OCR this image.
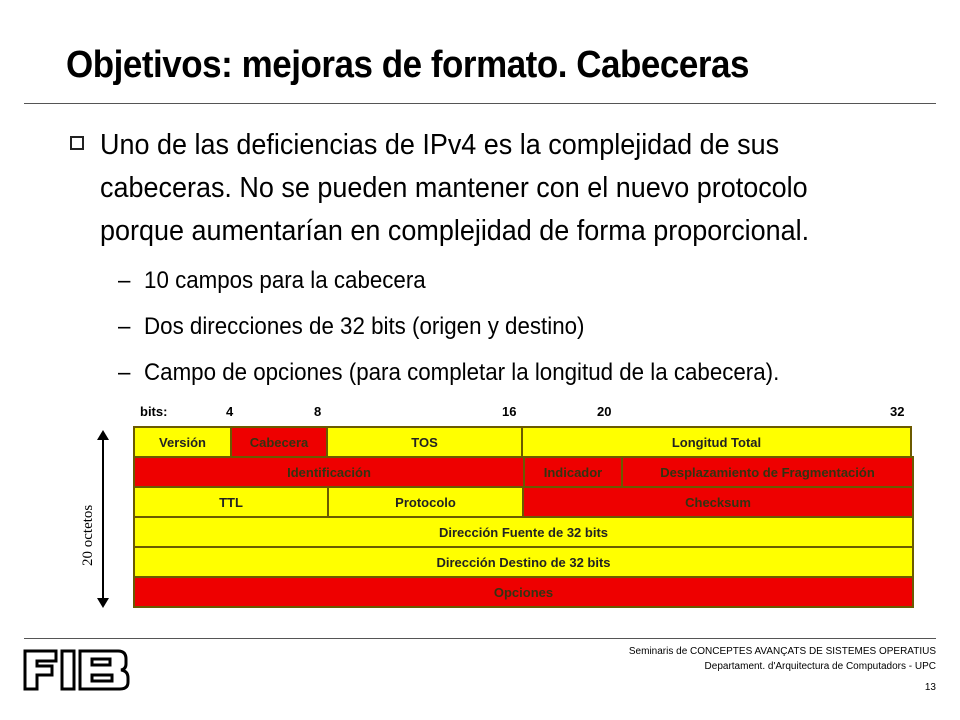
Objetivos: mejoras de formato. Cabeceras
Uno de las deficiencias de IPv4 es la complejidad de sus cabeceras. No se pueden mantener con el nuevo protocolo porque aumentarían en complejidad de forma proporcional.
– 10 campos para la cabecera
– Dos direcciones de 32 bits (origen y destino)
– Campo de opciones (para completar la longitud de la cabecera).
bits:	4	8	16	20	32
20 octetos
Versión	Cabecera	TOS	Longitud Total
Identificación	Indicador	Desplazamiento de Fragmentación
TTL	Protocolo	Checksum
Dirección Fuente de 32 bits
Dirección Destino de 32 bits
Opciones
Seminaris de CONCEPTES AVANÇATS DE SISTEMES OPERATIUS
Departament. d'Arquitectura de Computadors - UPC
13
